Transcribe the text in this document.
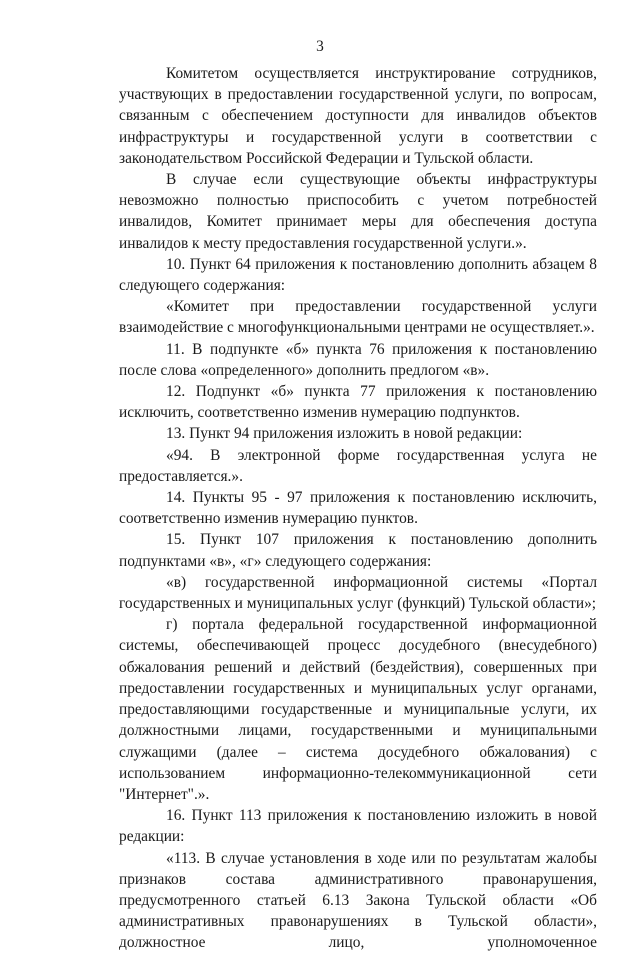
3

Комитетом осуществляется инструктирование сотрудников, участвующих в предоставлении государственной услуги, по вопросам, связанным с обеспечением доступности для инвалидов объектов инфраструктуры и государственной услуги в соответствии с законодательством Российской Федерации и Тульской области.

В случае если существующие объекты инфраструктуры невозможно полностью приспособить с учетом потребностей инвалидов, Комитет принимает меры для обеспечения доступа инвалидов к месту предоставления государственной услуги.».

10. Пункт 64 приложения к постановлению дополнить абзацем 8 следующего содержания:

«Комитет при предоставлении государственной услуги взаимодействие с многофункциональными центрами не осуществляет.».

11. В подпункте «б» пункта 76 приложения к постановлению после слова «определенного» дополнить предлогом «в».

12. Подпункт «б» пункта 77 приложения к постановлению исключить, соответственно изменив нумерацию подпунктов.

13. Пункт 94 приложения изложить в новой редакции:

«94. В электронной форме государственная услуга не предоставляется.».

14. Пункты 95 - 97 приложения к постановлению исключить, соответственно изменив нумерацию пунктов.

15. Пункт 107 приложения к постановлению дополнить подпунктами «в», «г» следующего содержания:

«в) государственной информационной системы «Портал государственных и муниципальных услуг (функций) Тульской области»;

г) портала федеральной государственной информационной системы, обеспечивающей процесс досудебного (внесудебного) обжалования решений и действий (бездействия), совершенных при предоставлении государственных и муниципальных услуг органами, предоставляющими государственные и муниципальные услуги, их должностными лицами, государственными и муниципальными служащими (далее – система досудебного обжалования) с использованием информационно-телекоммуникационной сети "Интернет".».

16. Пункт 113 приложения к постановлению изложить в новой редакции:

«113. В случае установления в ходе или по результатам жалобы признаков состава административного правонарушения, предусмотренного статьей 6.13 Закона Тульской области «Об административных правонарушениях в Тульской области», должностное лицо, уполномоченное
